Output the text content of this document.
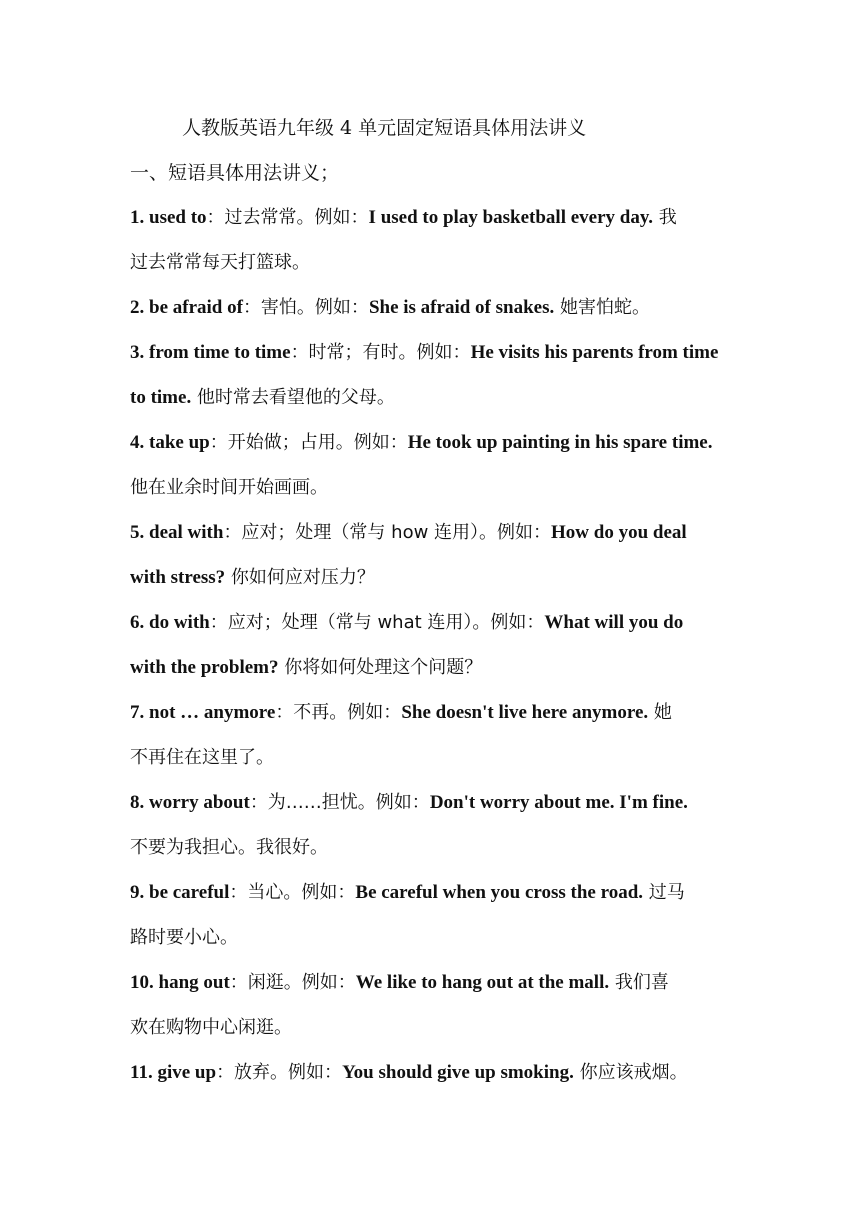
人教版英语九年级 4 单元固定短语具体用法讲义
一、短语具体用法讲义；
1. used to：过去常常。例如：I used to play basketball every day. 我
过去常常每天打篮球。
2. be afraid of：害怕。例如：She is afraid of snakes. 她害怕蛇。
3. from time to time：时常；有时。例如：He visits his parents from time
to time. 他时常去看望他的父母。
4. take up：开始做；占用。例如：He took up painting in his spare time.
他在业余时间开始画画。
5. deal with：应对；处理（常与 how 连用）。例如：How do you deal
with stress? 你如何应对压力？
6. do with：应对；处理（常与 what 连用）。例如：What will you do
with the problem? 你将如何处理这个问题？
7. not … anymore：不再。例如：She doesn't live here anymore. 她
不再住在这里了。
8. worry about：为……担忧。例如：Don't worry about me. I'm fine.
不要为我担心。我很好。
9. be careful：当心。例如：Be careful when you cross the road. 过马
路时要小心。
10. hang out：闲逛。例如：We like to hang out at the mall. 我们喜
欢在购物中心闲逛。
11. give up：放弃。例如：You should give up smoking. 你应该戒烟。
